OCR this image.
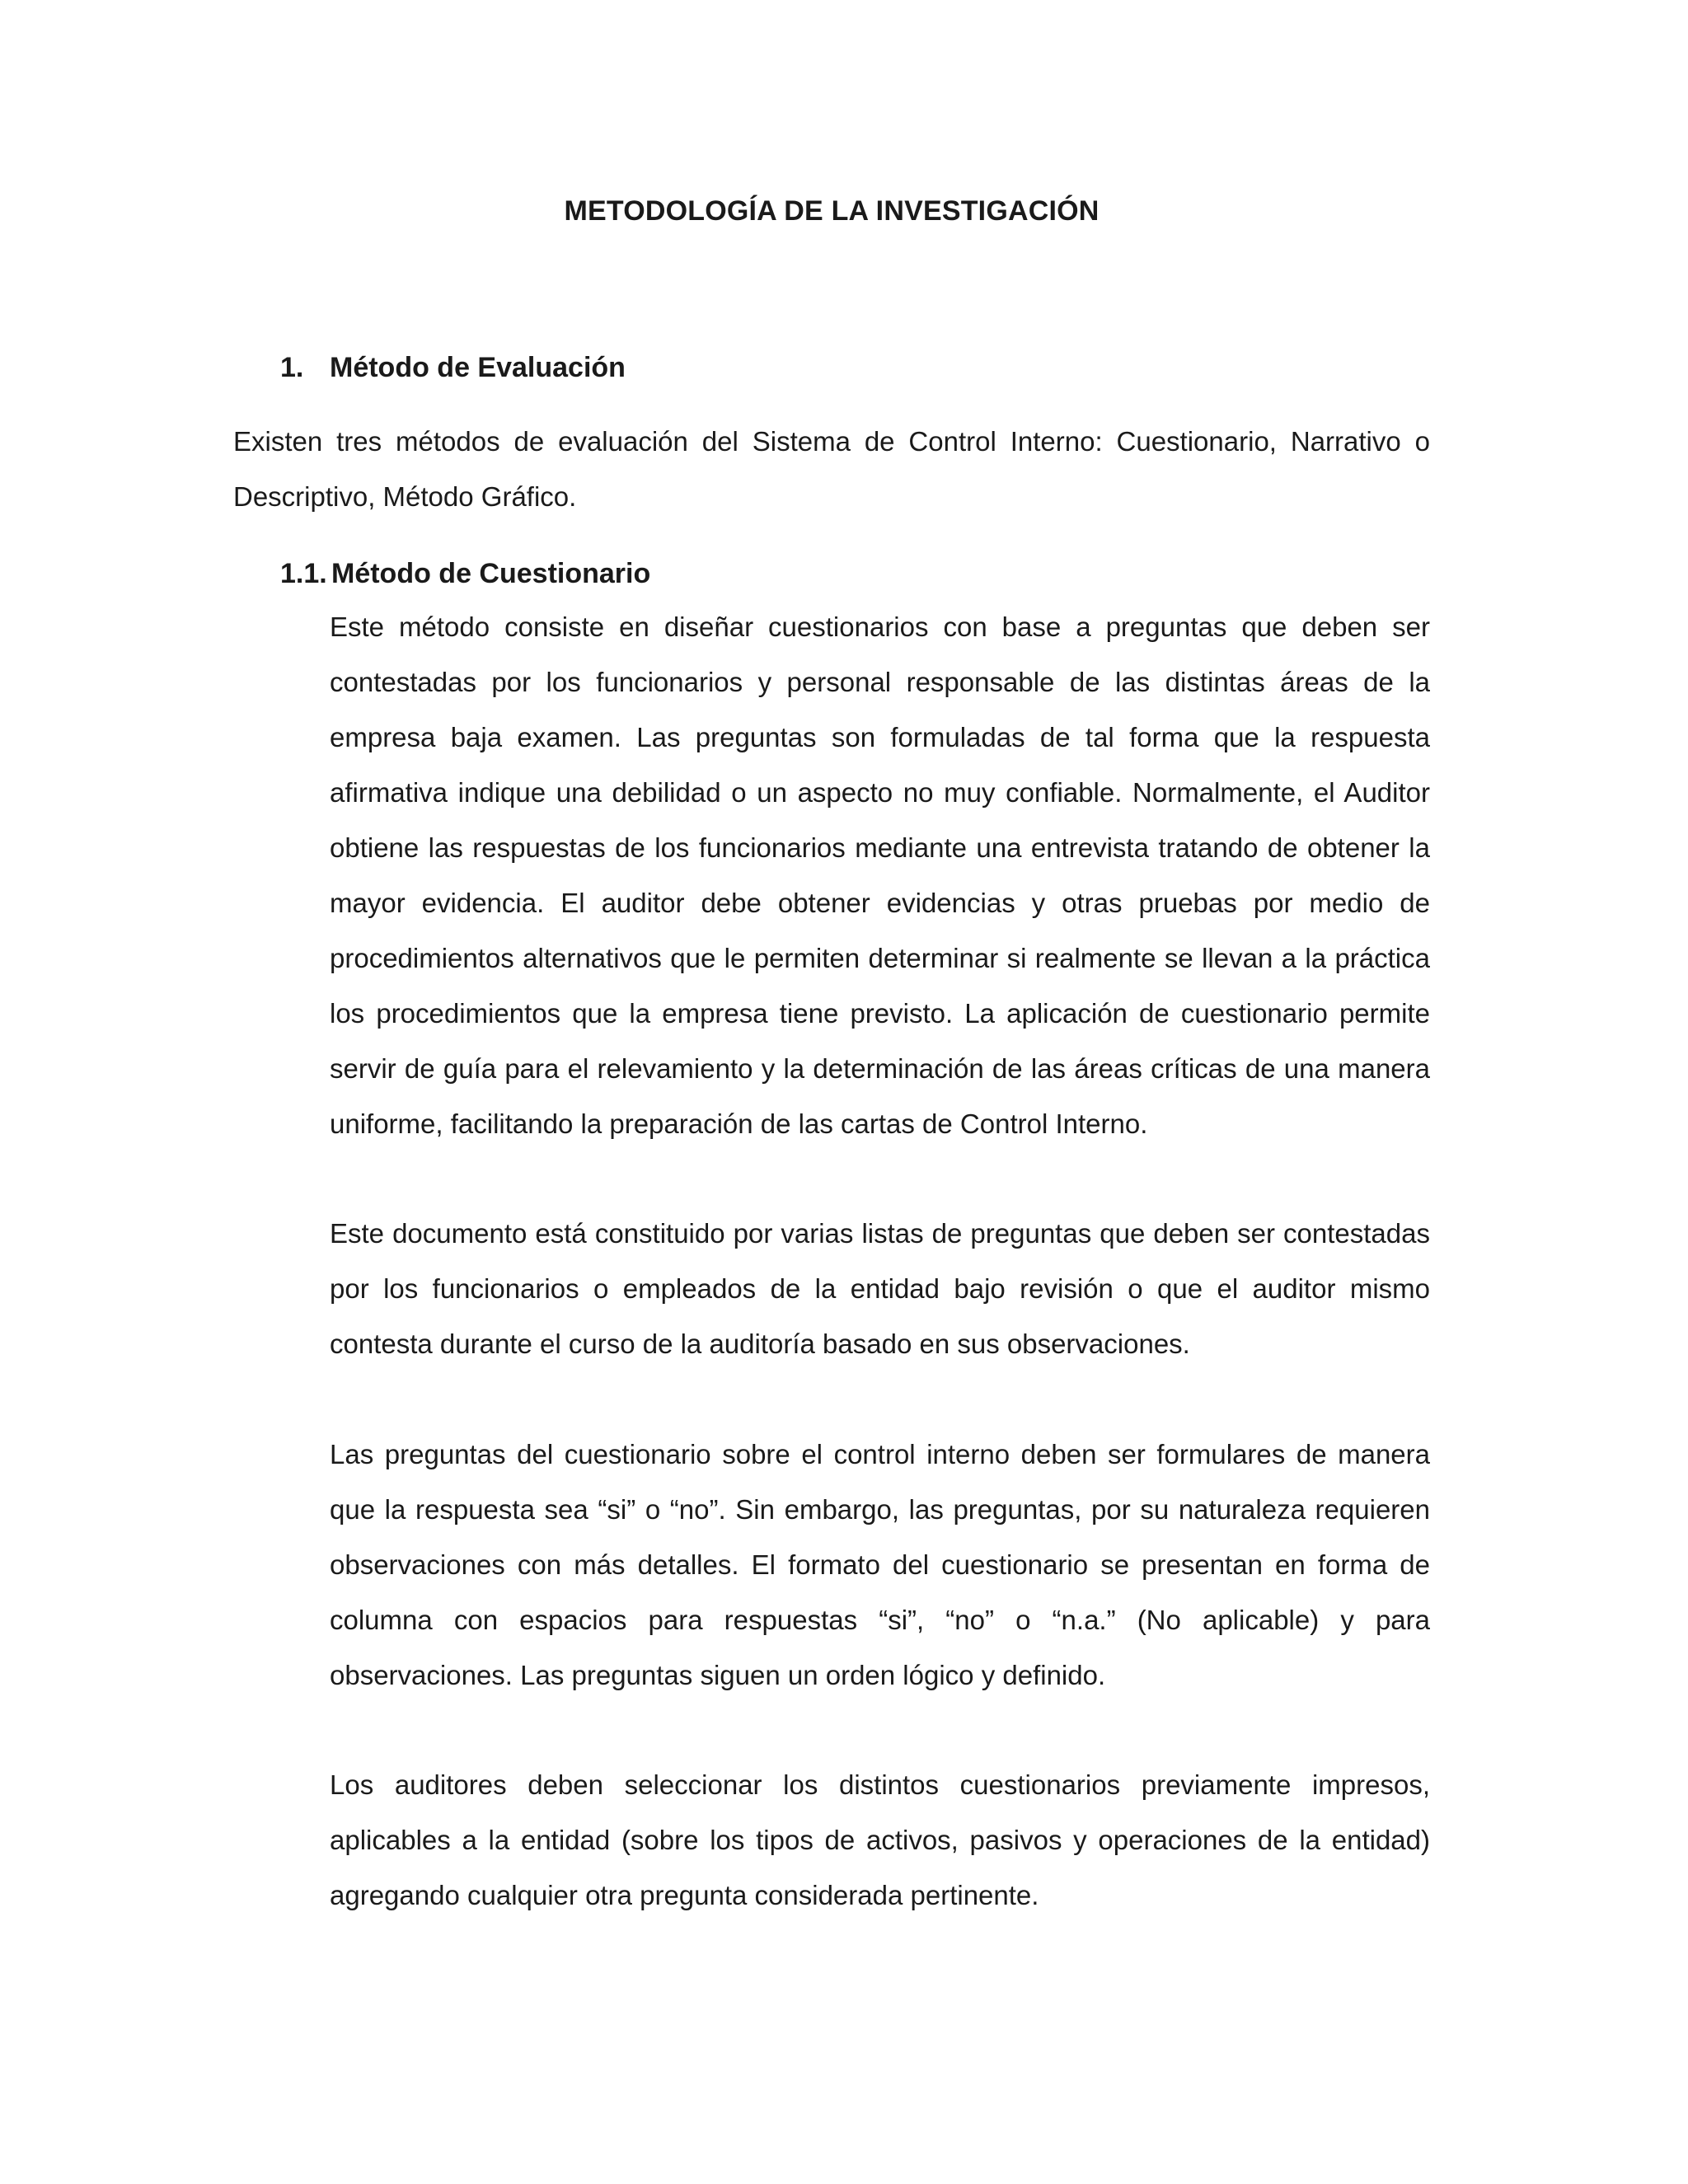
METODOLOGÍA DE LA INVESTIGACIÓN
1. Método de Evaluación
Existen tres métodos de evaluación del Sistema de Control Interno: Cuestionario, Narrativo o Descriptivo, Método Gráfico.
1.1. Método de Cuestionario
Este método consiste en diseñar cuestionarios con base a preguntas que deben ser contestadas por los funcionarios y personal responsable de las distintas áreas de la empresa baja examen. Las preguntas son formuladas de tal forma que la respuesta afirmativa indique una debilidad o un aspecto no muy confiable. Normalmente, el Auditor obtiene las respuestas de los funcionarios mediante una entrevista tratando de obtener la mayor evidencia. El auditor debe obtener evidencias y otras pruebas por medio de procedimientos alternativos que le permiten determinar si realmente se llevan a la práctica los procedimientos que la empresa tiene previsto. La aplicación de cuestionario permite servir de guía para el relevamiento y la determinación de las áreas críticas de una manera uniforme, facilitando la preparación de las cartas de Control Interno.
Este documento está constituido por varias listas de preguntas que deben ser contestadas por los funcionarios o empleados de la entidad bajo revisión o que el auditor mismo contesta durante el curso de la auditoría basado en sus observaciones.
Las preguntas del cuestionario sobre el control interno deben ser formulares de manera que la respuesta sea “si” o “no”. Sin embargo, las preguntas, por su naturaleza requieren observaciones con más detalles. El formato del cuestionario se presentan en forma de columna con espacios para respuestas “si”, “no” o “n.a.” (No aplicable) y para observaciones. Las preguntas siguen un orden lógico y definido.
Los auditores deben seleccionar los distintos cuestionarios previamente impresos, aplicables a la entidad (sobre los tipos de activos, pasivos y operaciones de la entidad) agregando cualquier otra pregunta considerada pertinente.
